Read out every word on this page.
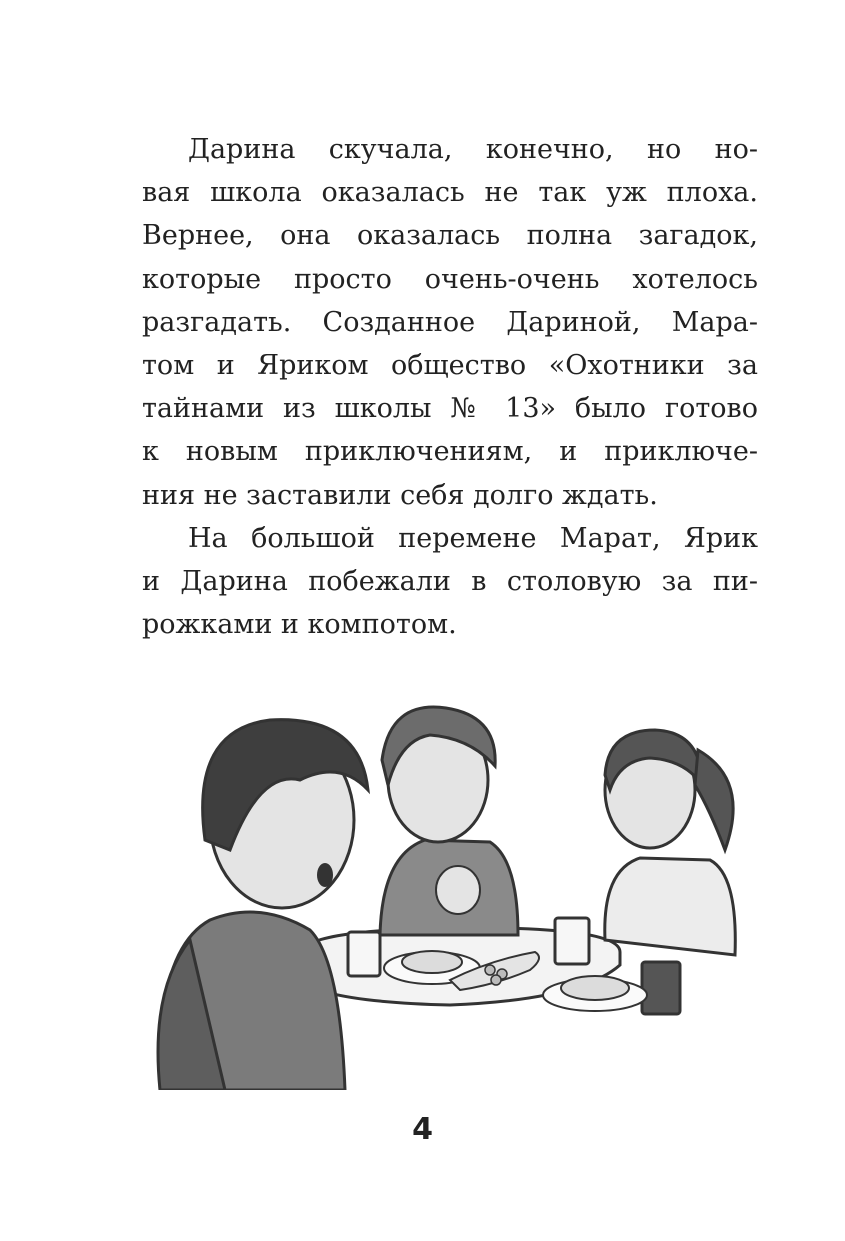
Дарина скучала, конечно, но но-
вая школа оказалась не так уж плоха.
Вернее, она оказалась полна загадок,
которые просто очень-очень хотелось
разгадать. Созданное Дариной, Мара-
том и Яриком общество «Охотники за
тайнами из школы № 13» было готово
к новым приключениям, и приключе-
ния не заставили себя долго ждать.
На большой перемене Марат, Ярик
и Дарина побежали в столовую за пи-
рожками и компотом.
4
